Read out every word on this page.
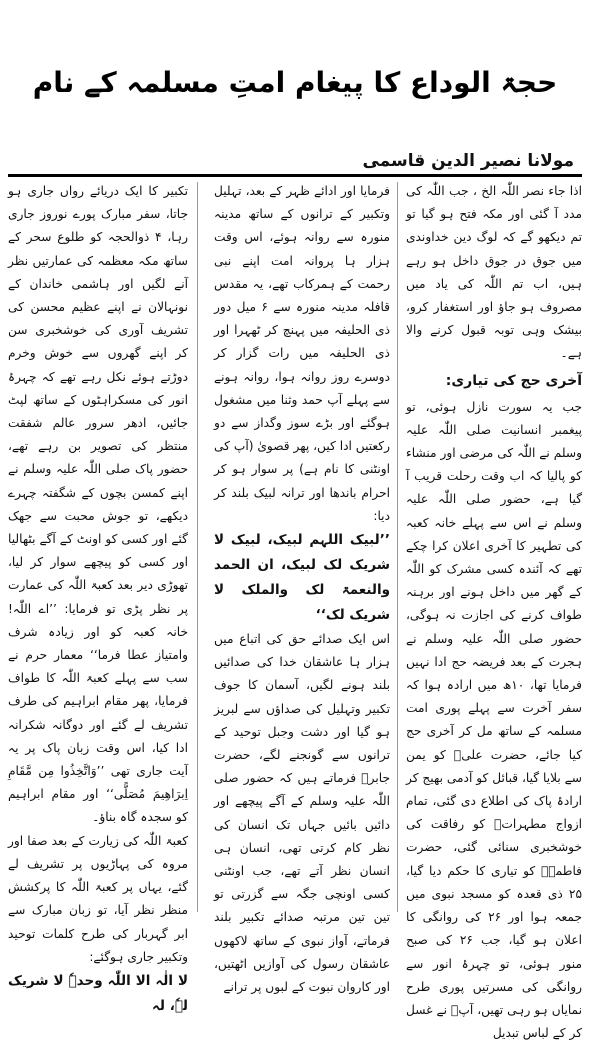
حجۃ الوداع کا پیغام امتِ مسلمہ کے نام
مولانا نصیر الدین قاسمی

اذا جاء نصر اللّٰہ الخ ، جب اللّٰہ کی مدد آ گئی اور مکہ فتح ہو گیا تو تم دیکھو گے کہ لوگ دین خداوندی میں جوق در جوق داخل ہو رہے ہیں، اب تم اللّٰہ کی یاد میں مصروف ہو جاؤ اور استغفار کرو، بیشک وہی توبہ قبول کرنے والا ہے۔

آخری حج کی تیاری:

جب یہ سورت نازل ہوئی، تو پیغمبر انسانیت صلی اللّٰہ علیہ وسلم نے اللّٰہ کی مرضی اور منشاء کو پالیا کہ اب وقت رحلت قریب آ گیا ہے، حضور صلی اللّٰہ علیہ وسلم نے اس سے پہلے خانہ کعبہ کی تطہیر کا آخری اعلان کرا چکے تھے کہ آئندہ کسی مشرک کو اللّٰہ کے گھر میں داخل ہونے اور برہنہ طواف کرنے کی اجازت نہ ہوگی، حضور صلی اللّٰہ علیہ وسلم نے ہجرت کے بعد فریضہ حج ادا نہیں فرمایا تھا، ۱۰ھ میں ارادہ ہوا کہ سفر آخرت سے پہلے پوری امت مسلمہ کے ساتھ مل کر آخری حج کیا جائے، حضرت علیؓ کو یمن سے بلایا گیا، قبائل کو آدمی بھیج کر ارادۂ پاک کی اطلاع دی گئی، تمام ازواج مطہراتؓ کو رفاقت کی خوشخبری سنائی گئی، حضرت فاطمہؓ کو تیاری کا حکم دیا گیا، ۲۵ ذی قعدہ کو مسجد نبوی میں جمعہ ہوا اور ۲۶ کی روانگی کا اعلان ہو گیا، جب ۲۶ کی صبح منور ہوئی، تو چہرۂ انور سے روانگی کی مسرتیں پوری طرح نمایاں ہو رہی تھیں، آپؐ نے غسل کر کے لباس تبدیل

فرمایا اور ادائے ظہر کے بعد، تہلیل وتکبیر کے ترانوں کے ساتھ مدینہ منورہ سے روانہ ہوئے، اس وقت ہزار ہا پروانہ امت اپنے نبی رحمت کے ہمرکاب تھے، یہ مقدس قافلہ مدینہ منورہ سے ۶ میل دور ذی الحلیفہ میں پہنچ کر ٹھہرا اور ذی الحلیفہ میں رات گزار کر دوسرے روز روانہ ہوا، روانہ ہونے سے پہلے آپ حمد وثنا میں مشغول ہوگئے اور بڑے سوز وگداز سے دو رکعتیں ادا کیں، پھر قصویٰ (آپ کی اونٹنی کا نام ہے) پر سوار ہو کر احرام باندھا اور ترانہ لبیک بلند کر دیا:

’’لبیک اللہم لبیک، لبیک لا شریک لک لبیک، ان الحمد والنعمۃ لک والملک لا شریک لک‘‘

اس ایک صدائے حق کی اتباع میں ہزار ہا عاشقان خدا کی صدائیں بلند ہونے لگیں، آسمان کا جوف تکبیر وتہلیل کی صداؤں سے لبریز ہو گیا اور دشت وجبل توحید کے ترانوں سے گونجنے لگے، حضرت جابرؓ فرماتے ہیں کہ حضور صلی اللّٰہ علیہ وسلم کے آگے پیچھے اور دائیں بائیں جہاں تک انسان کی نظر کام کرتی تھی، انسان ہی انسان نظر آتے تھے، جب اونٹنی کسی اونچی جگہ سے گزرتی تو تین تین مرتبہ صدائے تکبیر بلند فرماتے، آواز نبوی کے ساتھ لاکھوں عاشقان رسول کی آوازیں اٹھتیں، اور کاروان نبوت کے لبوں پر ترانے

تکبیر کا ایک دریائے رواں جاری ہو جاتا، سفر مبارک پورے نوروز جاری رہا، ۴ ذوالحجہ کو طلوع سحر کے ساتھ مکہ معظمہ کی عمارتیں نظر آنے لگیں اور ہاشمی خاندان کے نونہالان نے اپنے عظیم محسن کی تشریف آوری کی خوشخبری سن کر اپنے گھروں سے خوش وخرم دوڑتے ہوئے نکل رہے تھے کہ چہرۂ انور کی مسکراہٹوں کے ساتھ لپٹ جائیں، ادھر سرور عالم شفقت منتظر کی تصویر بن رہے تھے، حضور پاک صلی اللّٰہ علیہ وسلم نے اپنے کمسن بچوں کے شگفتہ چہرے دیکھے، تو جوش محبت سے جھک گئے اور کسی کو اونٹ کے آگے بٹھالیا اور کسی کو پیچھے سوار کر لیا، تھوڑی دیر بعد کعبۃ اللّٰہ کی عمارت پر نظر پڑی تو فرمایا: ’’اے اللّٰہ! خانہ کعبہ کو اور زیادہ شرف وامتیاز عطا فرما‘‘ معمار حرم نے سب سے پہلے کعبۃ اللّٰہ کا طواف فرمایا، پھر مقام ابراہیم کی طرف تشریف لے گئے اور دوگانہ شکرانہ ادا کیا، اس وقت زبان پاک پر یہ آیت جاری تھی ’’وَاتَّخِذُوا مِن مَّقَامِ اِبرَاهِيمَ مُصَلًّى‘‘ اور مقام ابراہیم کو سجدہ گاہ بناؤ۔

کعبۃ اللّٰہ کی زیارت کے بعد صفا اور مروہ کی پہاڑیوں پر تشریف لے گئے، یہاں پر کعبۃ اللّٰہ کا پرکشش منظر نظر آیا، تو زبان مبارک سے ابر گہربار کی طرح کلمات توحید وتکبیر جاری ہوگئے:

لا الٰہ الا اللّٰہ وحدہٗ لا شریک لہٗ، لہ
